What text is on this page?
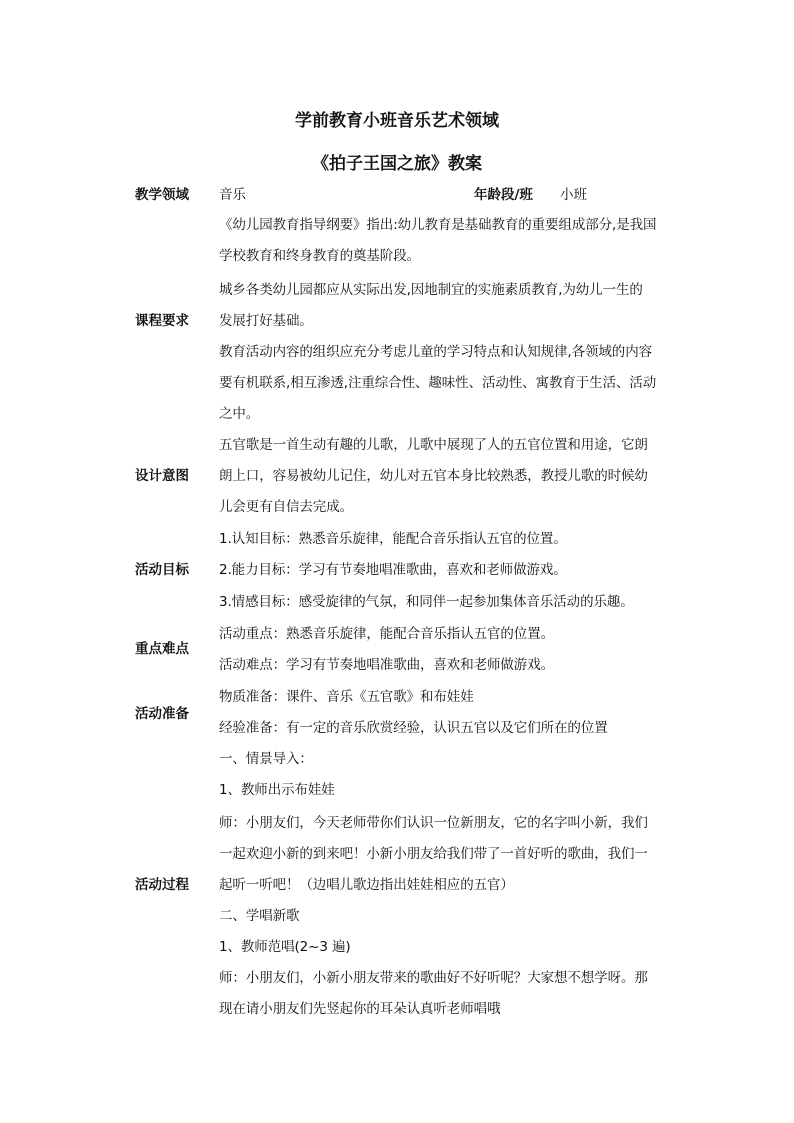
学前教育小班音乐艺术领域
《拍子王国之旅》教案
教学领域	音乐	年龄段/班 小班
课程要求
《幼儿园教育指导纲要》指出:幼儿教育是基础教育的重要组成部分,是我国
学校教育和终身教育的奠基阶段。
城乡各类幼儿园都应从实际出发,因地制宜的实施素质教育,为幼儿一生的
发展打好基础。
教育活动内容的组织应充分考虑儿童的学习特点和认知规律,各领域的内容
要有机联系,相互渗透,注重综合性、趣味性、活动性、寓教育于生活、活动
之中。
设计意图
五官歌是一首生动有趣的儿歌，儿歌中展现了人的五官位置和用途，它朗
朗上口，容易被幼儿记住，幼儿对五官本身比较熟悉，教授儿歌的时候幼
儿会更有自信去完成。
活动目标
1.认知目标：熟悉音乐旋律，能配合音乐指认五官的位置。
2.能力目标：学习有节奏地唱准歌曲，喜欢和老师做游戏。
3.情感目标：感受旋律的气氛，和同伴一起参加集体音乐活动的乐趣。
重点难点
活动重点：熟悉音乐旋律，能配合音乐指认五官的位置。
活动难点：学习有节奏地唱准歌曲，喜欢和老师做游戏。
活动准备
物质准备：课件、音乐《五官歌》和布娃娃
经验准备：有一定的音乐欣赏经验，认识五官以及它们所在的位置
活动过程
一、情景导入：
1、教师出示布娃娃
师：小朋友们，今天老师带你们认识一位新朋友，它的名字叫小新，我们
一起欢迎小新的到来吧！小新小朋友给我们带了一首好听的歌曲，我们一
起听一听吧！（边唱儿歌边指出娃娃相应的五官）
二、学唱新歌
1、教师范唱(2~3 遍)
师：小朋友们，小新小朋友带来的歌曲好不好听呢？大家想不想学呀。那
现在请小朋友们先竖起你的耳朵认真听老师唱哦
